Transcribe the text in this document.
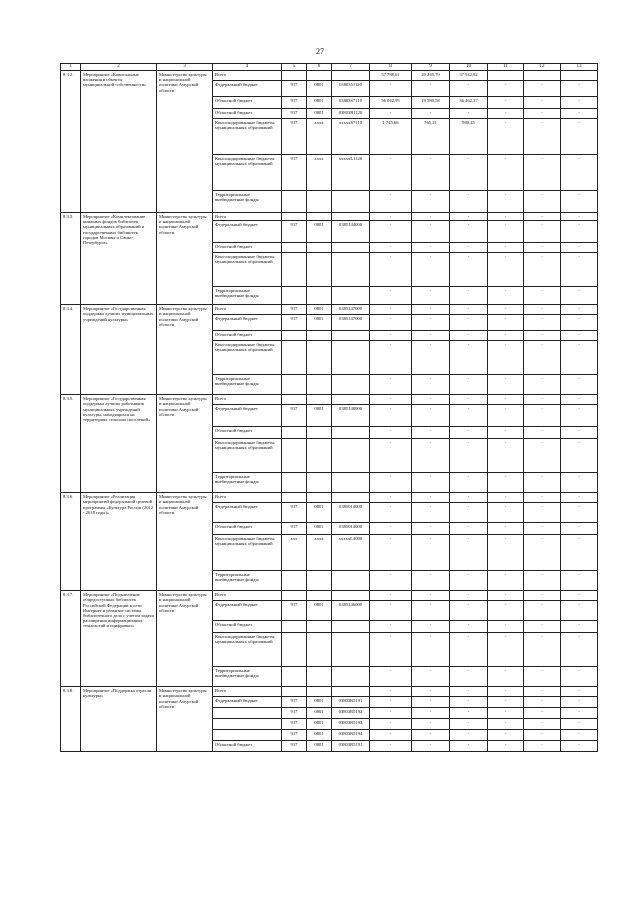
27
1	2	3	4	5	6	7	8	9	10	11	12	13
8.3.2.	Мероприятие «Капитальные вложения в объекты муниципальной собственности»	Министерство культуры и национальной политики Амурской области	Всего				57 788,61	20 245,79	37 542,82			
			Федеральный бюджет	917	0801	0380351120	-	-	-	-	-	-
			Областной бюджет	917	0801	03803S7110	56 042,95	19 580,58	36 462,37	-	-	-
			Областной бюджет	917	0801	03803R1120	-	-	-	-	-	-
			Консолидированные бюджеты муниципальных образований	917	xxxx	xxxxxS7110	1 745,66	765,21	980,45	-	-	-
			Консолидированные бюджеты муниципальных образований	917	xxxx	xxxxxL1120	-	-	-	-	-	-
			Территориальные внебюджетные фонды				-	-	-	-	-	-
8.3.3.	Мероприятие «Комплектование книжных фондов библиотек муниципальных образований и государственных библиотек городов Москвы и Санкт-Петербурга»	Министерство культуры и национальной политики Амурской области	Всего				-	-	-	-	-	-
			Федеральный бюджет	917	0801	0385144000	-	-	-	-	-	-
			Областной бюджет				-	-	-	-	-	-
			Консолидированные бюджеты муниципальных образований				-	-	-	-	-	-
			Территориальные внебюджетные фонды				-	-	-	-	-	-
8.3.4.	Мероприятие «Государственная поддержка лучших муниципальных учреждений культуры»	Министерство культуры и национальной политики Амурской области	Всего	917	0801	0385147000	-	-	-	-	-	-
			Федеральный бюджет	917	0801	0385147000	-	-	-	-	-	-
			Областной бюджет				-	-	-	-	-	-
			Консолидированные бюджеты муниципальных образований				-	-	-	-	-	-
			Территориальные внебюджетные фонды				-	-	-	-	-	-
8.3.5.	Мероприятие «Государственная поддержка лучших работников муниципальных учреждений культуры, находящихся на территориях сельских поселений»	Министерство культуры и национальной политики Амурской области	Всего				-	-	-	-	-	-
			Федеральный бюджет	917	0801	0385148000	-	-	-	-	-	-
			Областной бюджет				-	-	-	-	-	-
			Консолидированные бюджеты муниципальных образований				-	-	-	-	-	-
			Территориальные внебюджетные фонды				-	-	-	-	-	-
8.3.6.	Мероприятие «Реализация мероприятий федеральной целевой программы «Культура России (2012 - 2018 годы)»	Министерство культуры и национальной политики Амурской области	Всего				-	-	-	-	-	-
			Федеральный бюджет	917	0801	0385014000	-	-	-	-	-	-
			Областной бюджет	917	0801	0385014000	-	-	-	-	-	-
			Консолидированные бюджеты муниципальных образований	xxx	xxxx	xxxxxL4000	-	-	-	-	-	-
			Территориальные внебюджетные фонды				-	-	-	-	-	-
8.3.7.	Мероприятие «Подключение общедоступных библиотек Российской Федерации к сети Интернет и развитие системы библиотечного дела с учетом задачи расширения информационных технологий и оцифровки»	Министерство культуры и национальной политики Амурской области	Всего				-	-	-	-	-	-
			Федеральный бюджет	917	0801	0385146000	-	-	-	-	-	-
			Областной бюджет				-	-	-	-	-	-
			Консолидированные бюджеты муниципальных образований				-	-	-	-	-	-
			Территориальные внебюджетные фонды				-	-	-	-	-	-
8.3.8.	Мероприятие «Поддержка отрасли культуры»	Министерство культуры и национальной политики Амурской области	Всего				-	-	-	-	-	-
			Федеральный бюджет	917	0801	03803R5191	-	-	-	-	-	-
				917	0801	03803R5192	-	-	-	-	-	-
				917	0801	03803R5193	-	-	-	-	-	-
				917	0801	03803R5194	-	-	-	-	-	-
			Областной бюджет	917	0801	03803R5191	-	-	-	-	-	-
